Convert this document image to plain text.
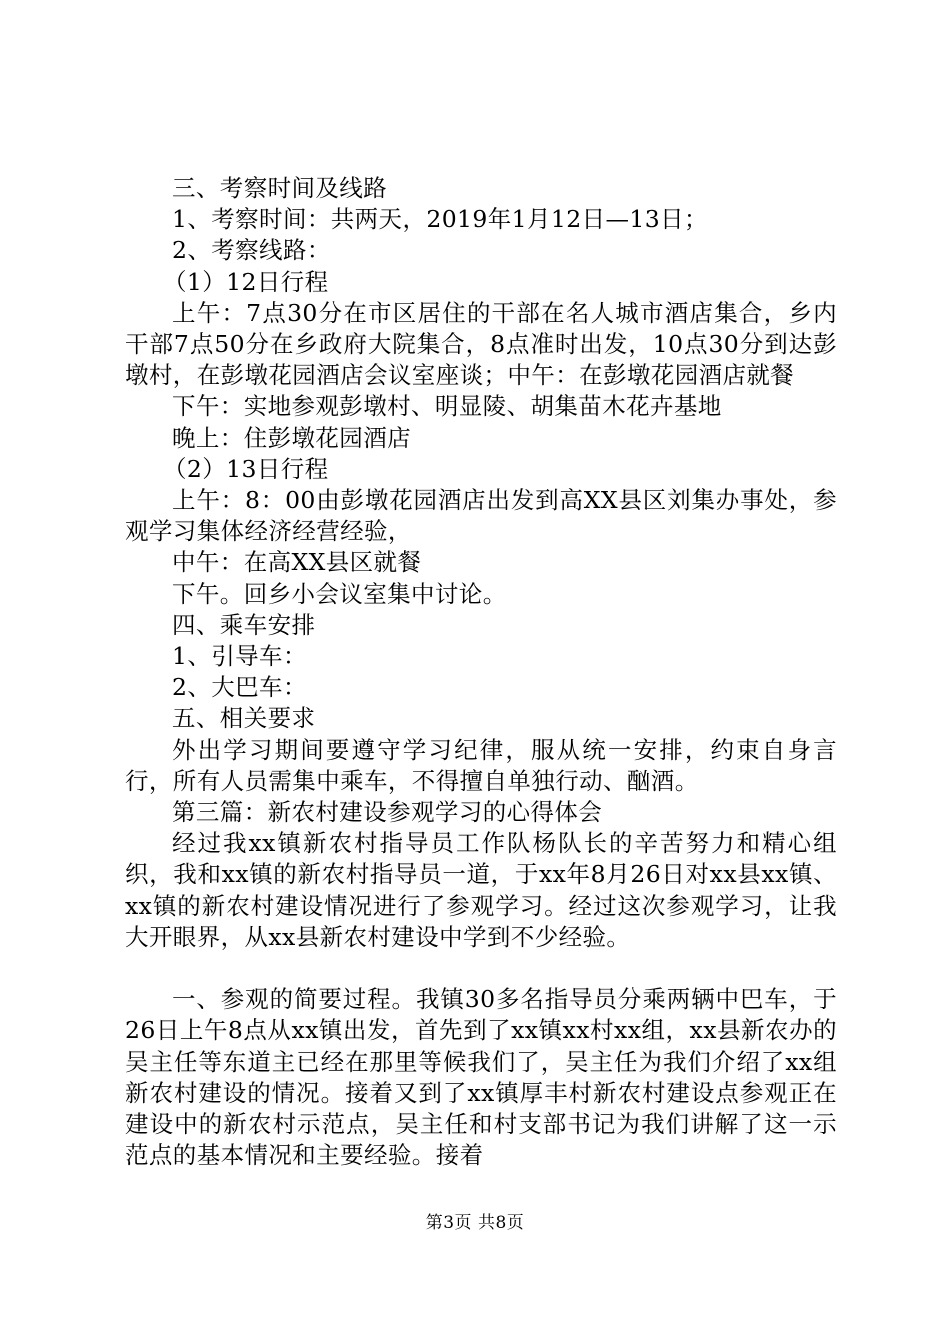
三、考察时间及线路

1、考察时间：共两天，2019年1月12日—13日；

2、考察线路：

（1）12日行程

上午：7点30分在市区居住的干部在名人城市酒店集合，乡内干部7点50分在乡政府大院集合，8点准时出发，10点30分到达彭墩村，在彭墩花园酒店会议室座谈；中午：在彭墩花园酒店就餐

下午：实地参观彭墩村、明显陵、胡集苗木花卉基地

晚上：住彭墩花园酒店

（2）13日行程

上午：8：00由彭墩花园酒店出发到高XX县区刘集办事处，参观学习集体经济经营经验，

中午：在高XX县区就餐

下午。回乡小会议室集中讨论。

四、乘车安排

1、引导车：

2、大巴车：

五、相关要求

外出学习期间要遵守学习纪律，服从统一安排，约束自身言行，所有人员需集中乘车，不得擅自单独行动、酗酒。

第三篇：新农村建设参观学习的心得体会

经过我xx镇新农村指导员工作队杨队长的辛苦努力和精心组织，我和xx镇的新农村指导员一道，于xx年8月26日对xx县xx镇、xx镇的新农村建设情况进行了参观学习。经过这次参观学习，让我大开眼界，从xx县新农村建设中学到不少经验。

一、参观的简要过程。我镇30多名指导员分乘两辆中巴车，于26日上午8点从xx镇出发，首先到了xx镇xx村xx组，xx县新农办的吴主任等东道主已经在那里等候我们了，吴主任为我们介绍了xx组新农村建设的情况。接着又到了xx镇厚丰村新农村建设点参观正在建设中的新农村示范点，吴主任和村支部书记为我们讲解了这一示范点的基本情况和主要经验。接着

第3页 共8页
